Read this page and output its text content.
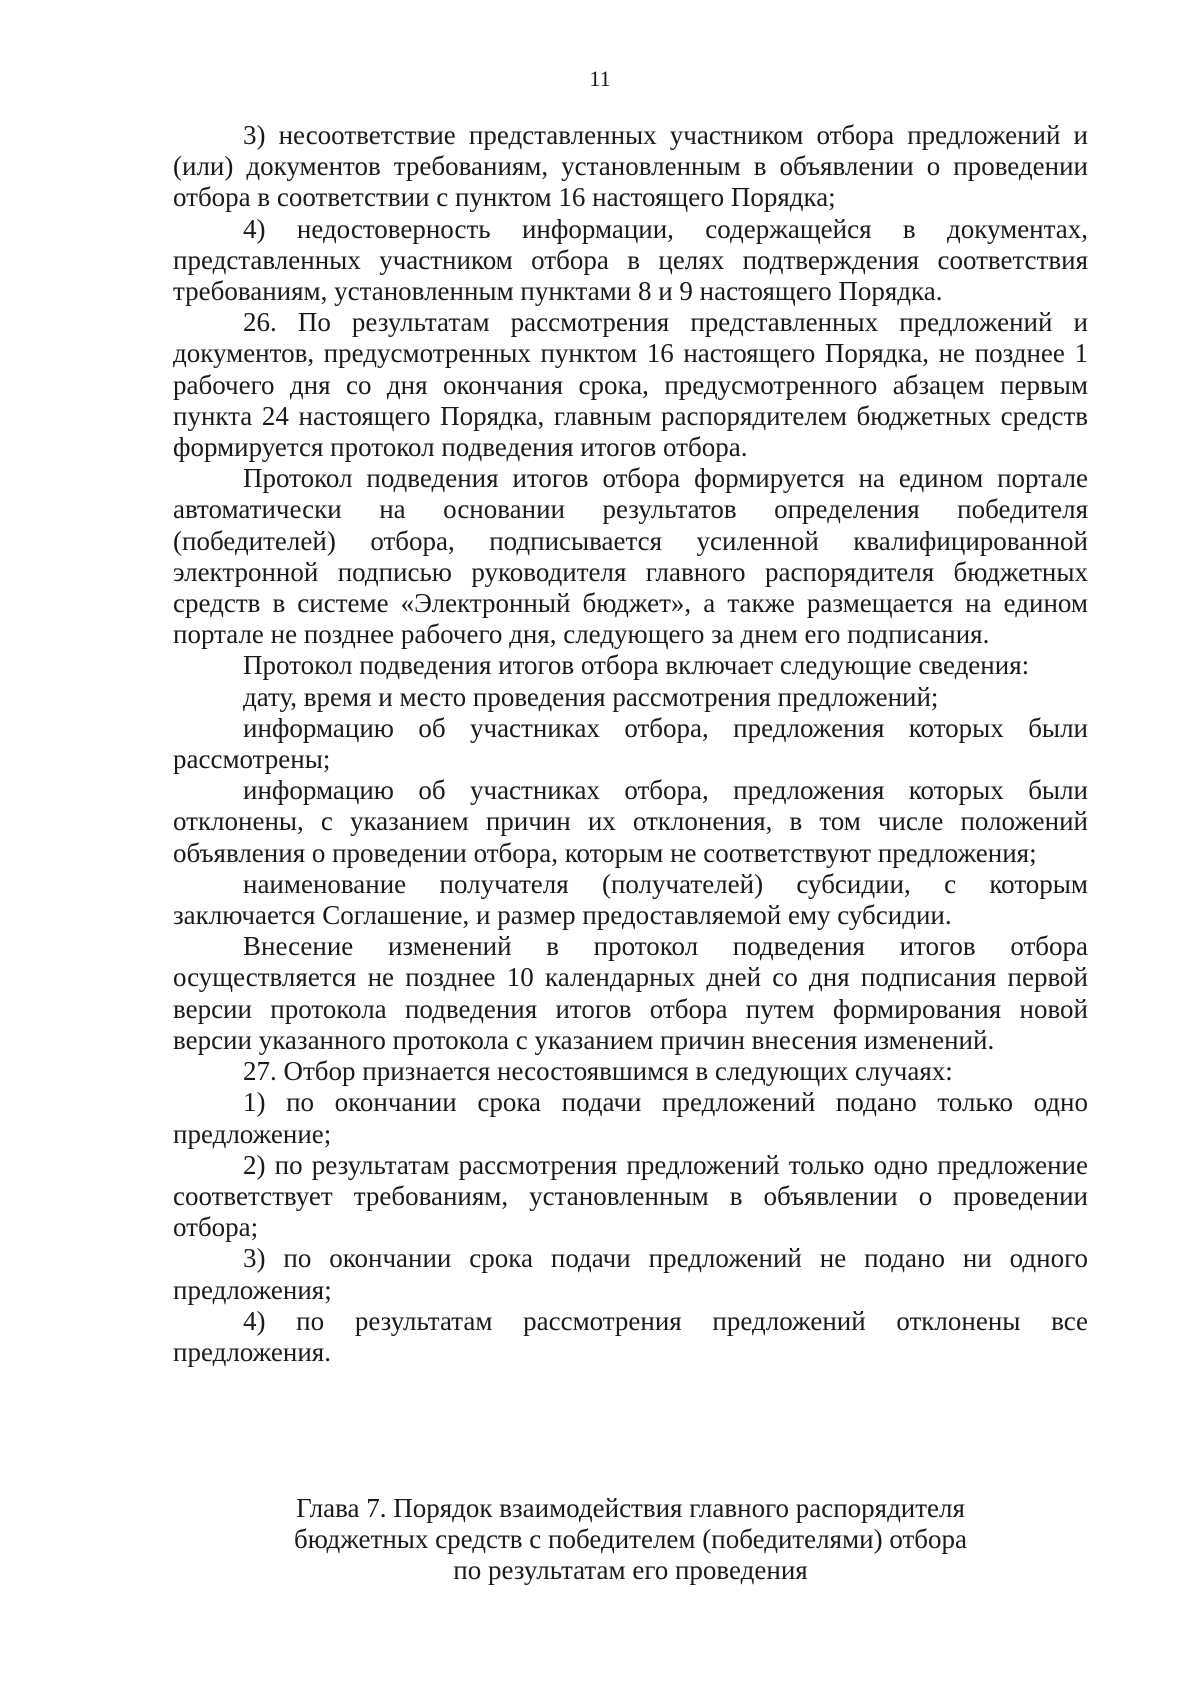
11

3) несоответствие представленных участником отбора предложений и (или) документов требованиям, установленным в объявлении о проведении отбора в соответствии с пунктом 16 настоящего Порядка;

4) недостоверность информации, содержащейся в документах, представленных участником отбора в целях подтверждения соответствия требованиям, установленным пунктами 8 и 9 настоящего Порядка.

26. По результатам рассмотрения представленных предложений и документов, предусмотренных пунктом 16 настоящего Порядка, не позднее 1 рабочего дня со дня окончания срока, предусмотренного абзацем первым пункта 24 настоящего Порядка, главным распорядителем бюджетных средств формируется протокол подведения итогов отбора.

Протокол подведения итогов отбора формируется на едином портале автоматически на основании результатов определения победителя (победителей) отбора, подписывается усиленной квалифицированной электронной подписью руководителя главного распорядителя бюджетных средств в системе «Электронный бюджет», а также размещается на едином портале не позднее рабочего дня, следующего за днем его подписания.

Протокол подведения итогов отбора включает следующие сведения:

дату, время и место проведения рассмотрения предложений;

информацию об участниках отбора, предложения которых были рассмотрены;

информацию об участниках отбора, предложения которых были отклонены, с указанием причин их отклонения, в том числе положений объявления о проведении отбора, которым не соответствуют предложения;

наименование получателя (получателей) субсидии, с которым заключается Соглашение, и размер предоставляемой ему субсидии.

Внесение изменений в протокол подведения итогов отбора осуществляется не позднее 10 календарных дней со дня подписания первой версии протокола подведения итогов отбора путем формирования новой версии указанного протокола с указанием причин внесения изменений.

27. Отбор признается несостоявшимся в следующих случаях:

1) по окончании срока подачи предложений подано только одно предложение;

2) по результатам рассмотрения предложений только одно предложение соответствует требованиям, установленным в объявлении о проведении отбора;

3) по окончании срока подачи предложений не подано ни одного предложения;

4) по результатам рассмотрения предложений отклонены все предложения.

Глава 7. Порядок взаимодействия главного распорядителя
бюджетных средств с победителем (победителями) отбора
по результатам его проведения
